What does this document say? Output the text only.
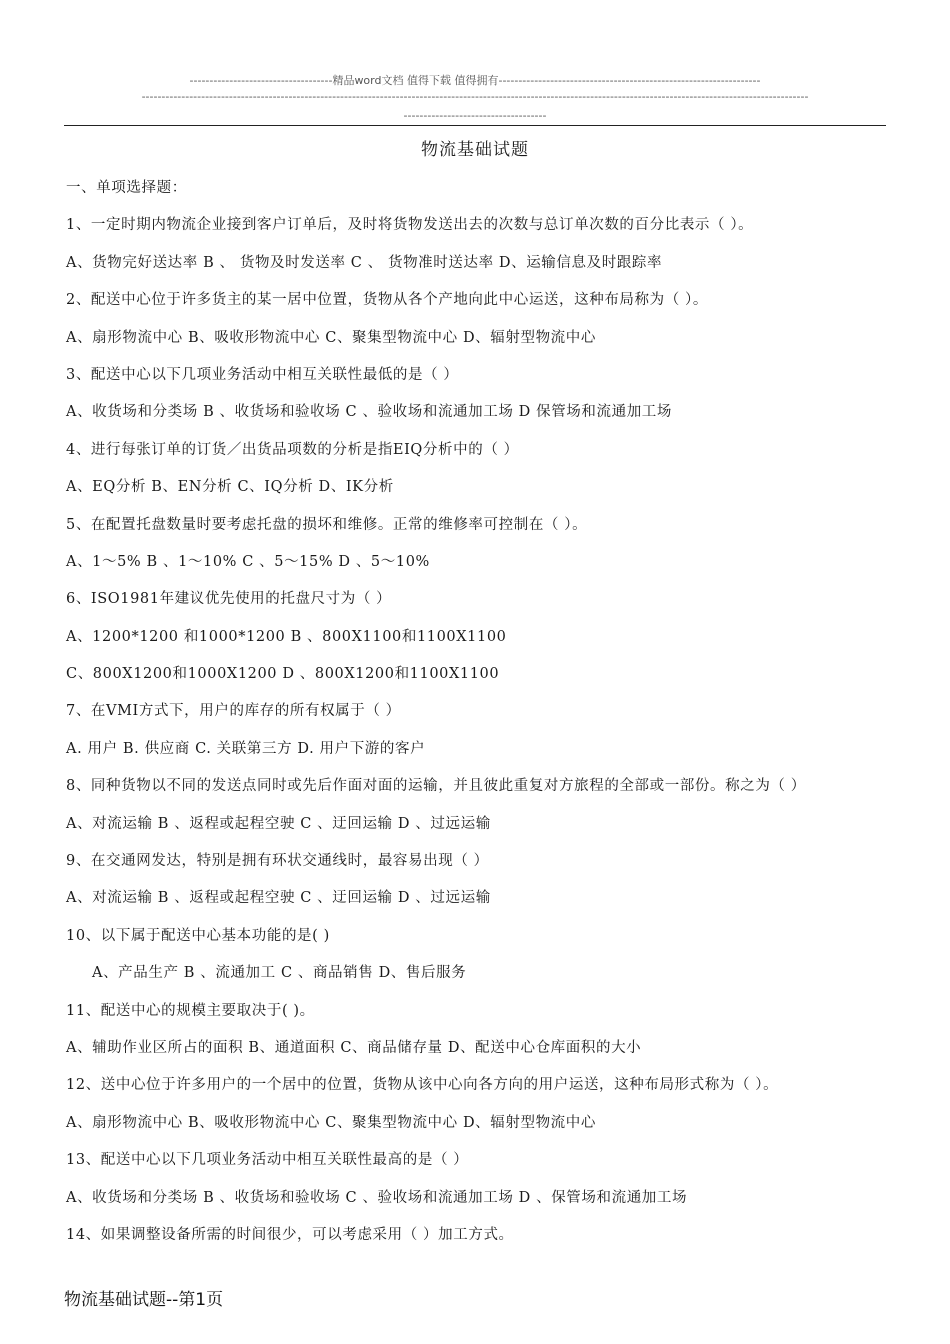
------------------------------------精品word文档 值得下载 值得拥有------------------------------------------------------------------
------------------------------------------------------------------------------------------------------------------------------------------------------------------------
------------------------------------
物流基础试题
一、单项选择题：
1、一定时期内物流企业接到客户订单后，及时将货物发送出去的次数与总订单次数的百分比表示（ ）。
A、货物完好送达率 B 、 货物及时发送率 C 、 货物准时送达率 D、运输信息及时跟踪率
2、配送中心位于许多货主的某一居中位置，货物从各个产地向此中心运送，这种布局称为（ ）。
A、扇形物流中心 B、吸收形物流中心 C、聚集型物流中心 D、辐射型物流中心
3、配送中心以下几项业务活动中相互关联性最低的是（ ）
A、收货场和分类场 B 、收货场和验收场 C 、验收场和流通加工场 D 保管场和流通加工场
4、进行每张订单的订货／出货品项数的分析是指EIQ分析中的（ ）
A、EQ分析 B、EN分析 C、IQ分析 D、IK分析
5、在配置托盘数量时要考虑托盘的损坏和维修。正常的维修率可控制在（ ）。
A、1～5% B 、1～10% C 、5～15% D 、5～10%
6、ISO1981年建议优先使用的托盘尺寸为（ ）
A、1200*1200 和1000*1200 B 、800X1100和1100X1100
C、800X1200和1000X1200 D 、800X1200和1100X1100
7、在VMI方式下，用户的库存的所有权属于（ ）
A. 用户 B. 供应商 C. 关联第三方 D. 用户下游的客户
8、同种货物以不同的发送点同时或先后作面对面的运输，并且彼此重复对方旅程的全部或一部份。称之为（ ）
A、对流运输 B 、返程或起程空驶 C 、迂回运输 D 、过远运输
9、在交通网发达，特别是拥有环状交通线时，最容易出现（ ）
A、对流运输 B 、返程或起程空驶 C 、迂回运输 D 、过远运输
10、以下属于配送中心基本功能的是( )
A、产品生产 B 、流通加工 C 、商品销售 D、售后服务
11、配送中心的规模主要取决于( )。
A、辅助作业区所占的面积 B、通道面积 C、商品储存量 D、配送中心仓库面积的大小
12、送中心位于许多用户的一个居中的位置，货物从该中心向各方向的用户运送，这种布局形式称为（ ）。
A、扇形物流中心 B、吸收形物流中心 C、聚集型物流中心 D、辐射型物流中心
13、配送中心以下几项业务活动中相互关联性最高的是（ ）
A、收货场和分类场 B 、收货场和验收场 C 、验收场和流通加工场 D 、保管场和流通加工场
14、如果调整设备所需的时间很少，可以考虑采用（ ）加工方式。
物流基础试题--第1页
